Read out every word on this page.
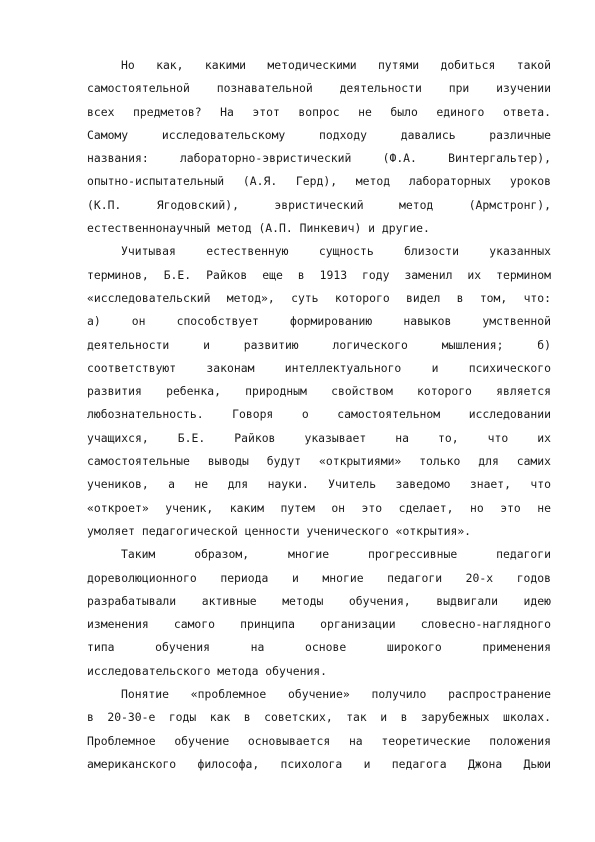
Но как, какими методическими путями добиться такой
самостоятельной познавательной деятельности при изучении
всех предметов? На этот вопрос не было единого ответа.
Самому исследовательскому подходу давались различные
названия: лабораторно-эвристический (Ф.А. Винтергальтер),
опытно-испытательный (А.Я. Герд), метод лабораторных уроков
(К.П. Ягодовский), эвристический метод (Армстронг),
естественнонаучный метод (А.П. Пинкевич) и другие.
Учитывая естественную сущность близости указанных
терминов, Б.Е. Райков еще в 1913 году заменил их термином
«исследовательский метод», суть которого видел в том, что:
а) он способствует формированию навыков умственной
деятельности и развитию логического мышления; б)
соответствуют законам интеллектуального и психического
развития ребенка, природным свойством которого является
любознательность. Говоря о самостоятельном исследовании
учащихся, Б.Е. Райков указывает на то, что их
самостоятельные выводы будут «открытиями» только для самих
учеников, а не для науки. Учитель заведомо знает, что
«откроет» ученик, каким путем он это сделает, но это не
умоляет педагогической ценности ученического «открытия».
Таким образом, многие прогрессивные педагоги
дореволюционного периода и многие педагоги 20-х годов
разрабатывали активные методы обучения, выдвигали идею
изменения самого принципа организации словесно-наглядного
типа обучения на основе широкого применения
исследовательского метода обучения.
Понятие «проблемное обучение» получило распространение
в 20-30-е годы как в советских, так и в зарубежных школах.
Проблемное обучение основывается на теоретические положения
американского философа, психолога и педагога Джона Дьюи
